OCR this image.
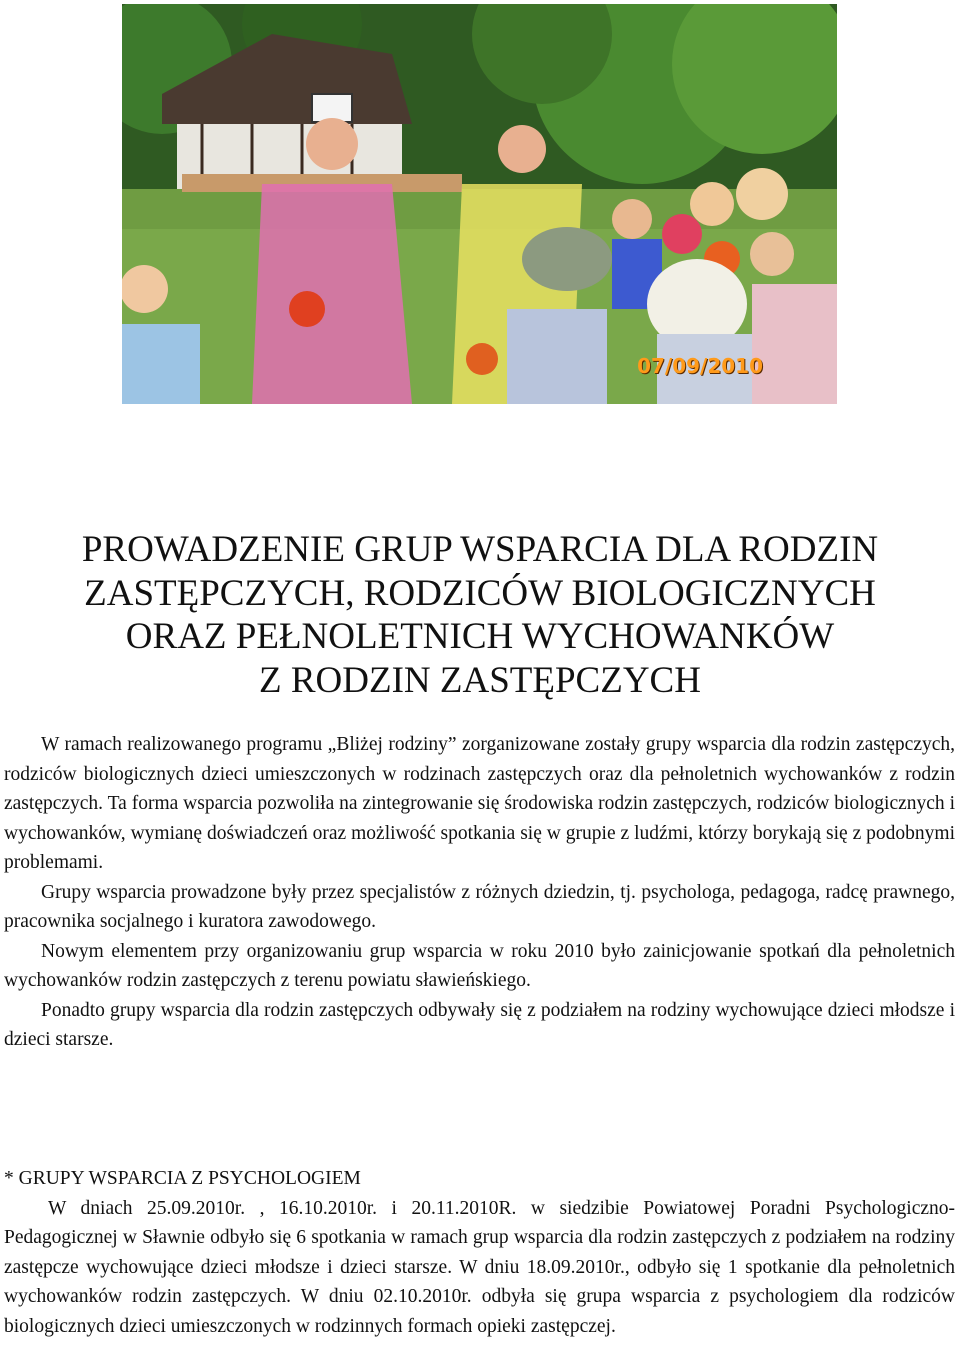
07/09/2010
PROWADZENIE GRUP WSPARCIA DLA RODZIN
ZASTĘPCZYCH, RODZICÓW BIOLOGICZNYCH
ORAZ PEŁNOLETNICH WYCHOWANKÓW
Z RODZIN ZASTĘPCZYCH

W ramach realizowanego programu „Bliżej rodziny” zorganizowane zostały grupy wsparcia dla rodzin zastępczych, rodziców biologicznych dzieci umieszczonych w rodzinach zastępczych oraz dla pełnoletnich wychowanków z rodzin zastępczych. Ta forma wsparcia pozwoliła na zintegrowanie się środowiska rodzin zastępczych, rodziców biologicznych i wychowanków, wymianę doświadczeń oraz możliwość spotkania się w grupie z ludźmi, którzy borykają się z podobnymi problemami.

Grupy wsparcia prowadzone były przez specjalistów z różnych dziedzin, tj. psychologa, pedagoga, radcę prawnego, pracownika socjalnego i kuratora zawodowego.

Nowym elementem przy organizowaniu grup wsparcia w roku 2010 było zainicjowanie spotkań dla pełnoletnich wychowanków rodzin zastępczych z terenu powiatu sławieńskiego.

Ponadto grupy wsparcia dla rodzin zastępczych odbywały się z podziałem na rodziny wychowujące dzieci młodsze i dzieci starsze.

* GRUPY WSPARCIA Z PSYCHOLOGIEM

W dniach 25.09.2010r. , 16.10.2010r. i 20.11.2010R. w siedzibie Powiatowej Poradni Psychologiczno- Pedagogicznej w Sławnie odbyło się 6 spotkania w ramach grup wsparcia dla rodzin zastępczych z podziałem na rodziny zastępcze wychowujące dzieci młodsze i dzieci starsze. W dniu 18.09.2010r., odbyło się 1 spotkanie dla pełnoletnich wychowanków rodzin zastępczych. W dniu 02.10.2010r. odbyła się grupa wsparcia z psychologiem dla rodziców biologicznych dzieci umieszczonych w rodzinnych formach opieki zastępczej.
